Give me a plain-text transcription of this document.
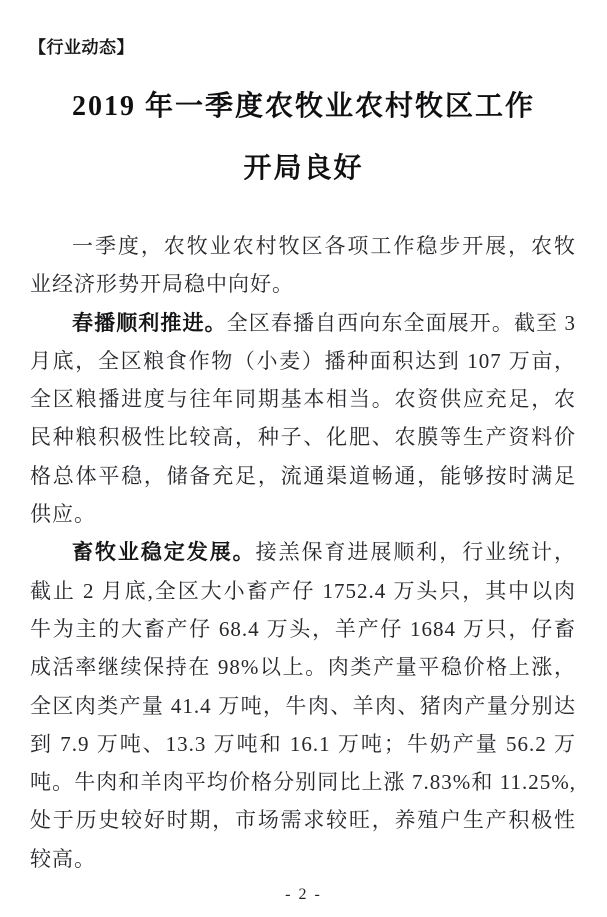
【行业动态】
2019 年一季度农牧业农村牧区工作
开局良好

一季度，农牧业农村牧区各项工作稳步开展，农牧业经济形势开局稳中向好。

春播顺利推进。全区春播自西向东全面展开。截至 3 月底，全区粮食作物（小麦）播种面积达到 107 万亩，全区粮播进度与往年同期基本相当。农资供应充足，农民种粮积极性比较高，种子、化肥、农膜等生产资料价格总体平稳，储备充足，流通渠道畅通，能够按时满足供应。

畜牧业稳定发展。接羔保育进展顺利，行业统计，截止 2 月底,全区大小畜产仔 1752.4 万头只，其中以肉牛为主的大畜产仔 68.4 万头，羊产仔 1684 万只，仔畜成活率继续保持在 98%以上。肉类产量平稳价格上涨，全区肉类产量 41.4 万吨，牛肉、羊肉、猪肉产量分别达到 7.9 万吨、13.3 万吨和 16.1 万吨；牛奶产量 56.2 万吨。牛肉和羊肉平均价格分别同比上涨 7.83%和 11.25%,处于历史较好时期，市场需求较旺，养殖户生产积极性较高。

- 2 -
